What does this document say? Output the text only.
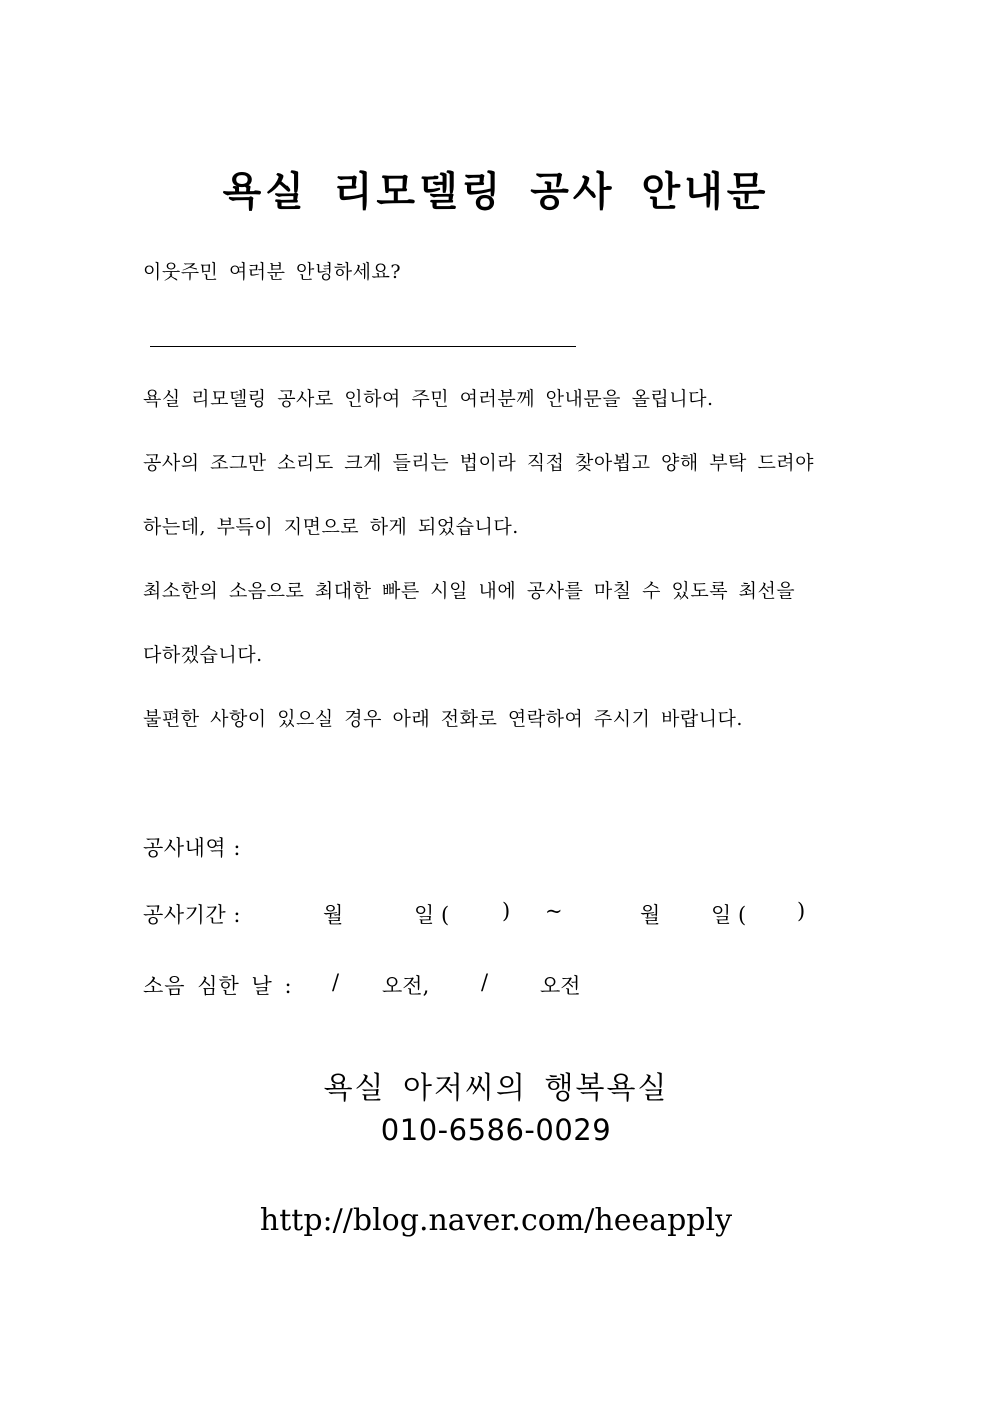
욕실 리모델링 공사 안내문
이웃주민 여러분 안녕하세요?
욕실 리모델링 공사로 인하여 주민 여러분께 안내문을 올립니다.
공사의 조그만 소리도 크게 들리는 법이라 직접 찾아뵙고 양해 부탁 드려야
하는데, 부득이 지면으로 하게 되었습니다.
최소한의 소음으로 최대한 빠른 시일 내에 공사를 마칠 수 있도록 최선을
다하겠습니다.
불편한 사항이 있으실 경우 아래 전화로 연락하여 주시기 바랍니다.
공사내역 :
공사기간 :	월	일 (	) ~	월 일 ( )
소음 심한 날 : / 오전, / 오전
욕실 아저씨의 행복욕실
010-6586-0029
http://blog.naver.com/heeapply
